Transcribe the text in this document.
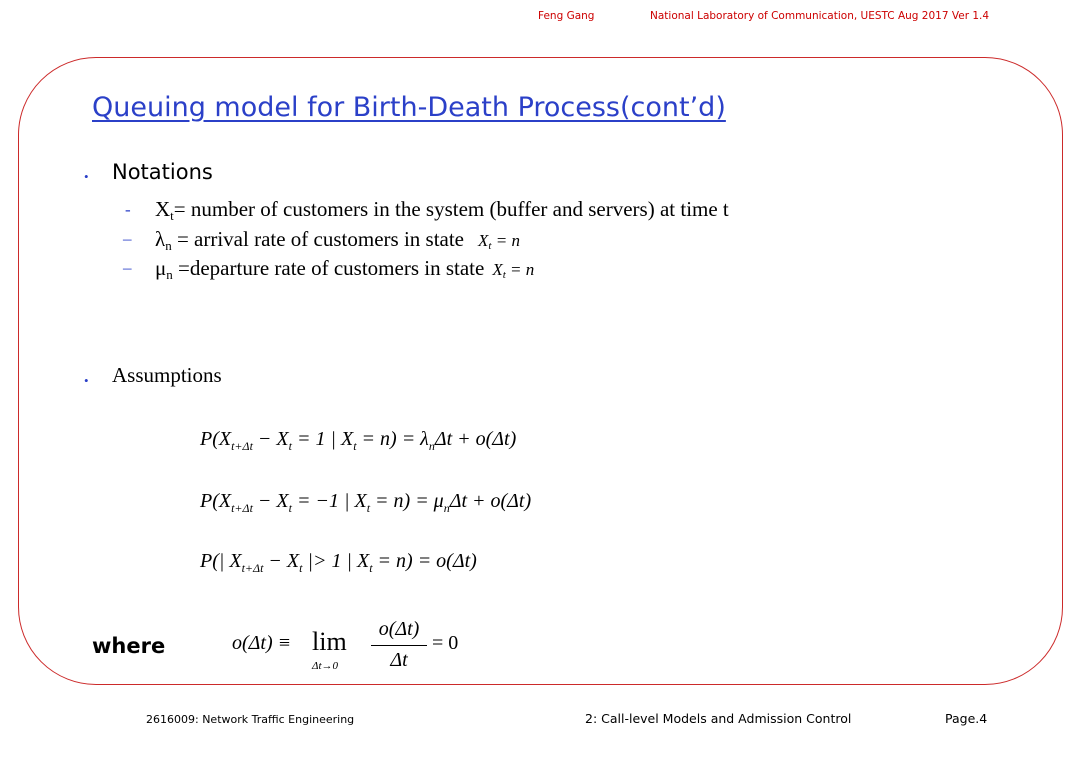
Feng Gang	National Laboratory of Communication, UESTC Aug 2017 Ver 1.4
Queuing model for Birth-Death Process(cont’d)
• Notations
- $X_t=$ number of customers in the system (buffer and servers) at time t
– $\lambda_n$ = arrival rate of customers in state $X_t = n$
– $\mu_n$ =departure rate of customers in state $X_t = n$
• Assumptions
$P(X_{t+\Delta t} - X_t = 1$ | $X_t = n) = \lambda_n\Delta t + o(\Delta t)$
$P(X_{t+\Delta t} - X_t = -1$ | $X_t = n) = \mu_n\Delta t + o(\Delta t)$
P(| $X_{t+\Delta t} - X_t$ |> 1 | $X_t = n) = o(\Delta t)$
where	o(Δt) ≡ lim
Δt→0
o(Δt)
Δt
= 0
2616009: Network Traffic Engineering	2: Call-level Models and Admission Control	Page.4
